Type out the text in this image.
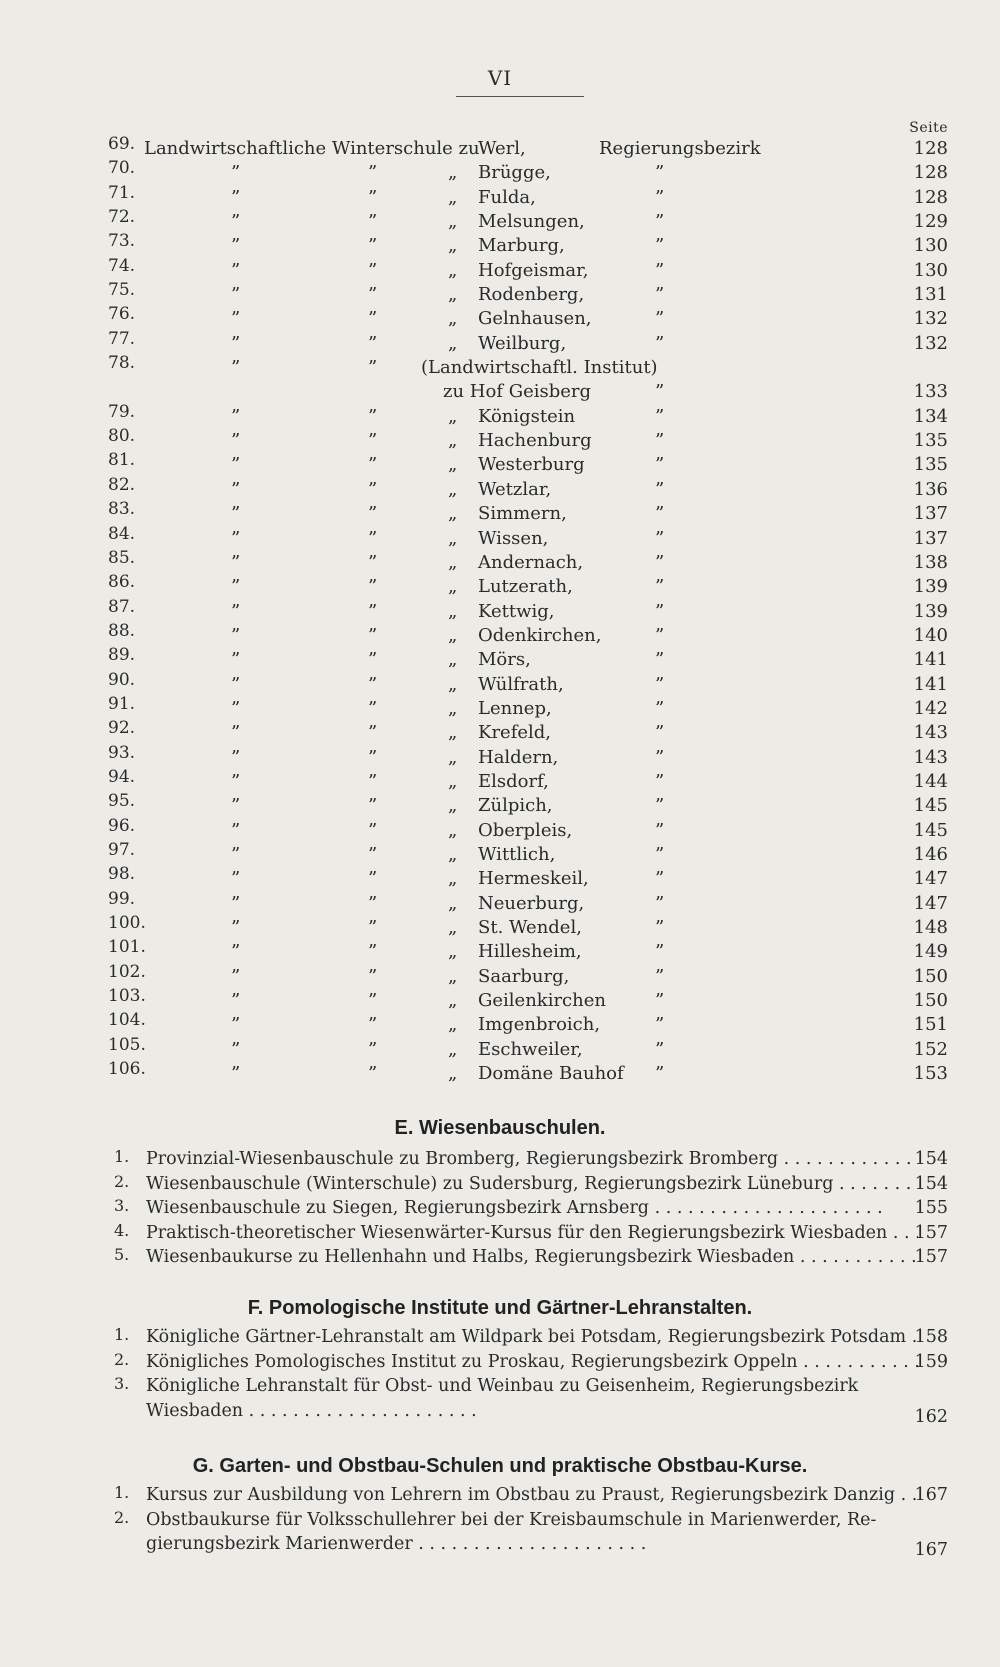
VI
Seite
69. Landwirtschaftliche Winterschule zu
Werl,	Regierungsbezirk	128
70.	”	”	„ Brügge,	”	128
71.	”	”	„ Fulda,	”	128
72.	”	”	„ Melsungen,	”	129
73.	”	”	„ Marburg,	”	130
74.	”	”	„ Hofgeismar,	”	130
75.	”	”	„ Rodenberg,	”	131
76.	”	”	„ Gelnhausen,	”	132
77.	”	”	„ Weilburg,	”	132
78.	”	” (Landwirtschaftl. Institut)
zu Hof Geisberg	”	133
79.	”	”	„ Königstein	”	134
80.	”	”	„ Hachenburg	”	135
81.	”	”	„ Westerburg	”	135
82.	”	”	„ Wetzlar,	”	136
83.	”	”	„ Simmern,	”	137
84.	”	”	„ Wissen,	”	137
85.	”	”	„ Andernach,	”	138
86.	”	”	„ Lutzerath,	”	139
87.	”	”	„ Kettwig,	”	139
88.	”	”	„ Odenkirchen,	”	140
89.	”	”	„ Mörs,	”	141
90.	”	”	„ Wülfrath,	”	141
91.	”	”	„ Lennep,	”	142
92.	”	”	„ Krefeld,	”	143
93.	”	”	„ Haldern,	”	143
94.	”	”	„ Elsdorf,	”	144
95.	”	”	„ Zülpich,	”	145
96.	”	”	„ Oberpleis,	”	145
97.	”	”	„ Wittlich,	”	146
98.	”	”	„ Hermeskeil,	”	147
99.	”	”	„ Neuerburg,	”	147
100.	”	”	„ St. Wendel,	”	148
101.	”	”	„ Hillesheim,	”	149
102.	”	”	„ Saarburg,	”	150
103.	”	”	„ Geilenkirchen	”	150
104.	”	”	„ Imgenbroich,	”	151
105.	”	”	„ Eschweiler,	”	152
106.	”	”	„ Domäne Bauhof ”	153
E. Wiesenbauschulen.
1. Provinzial-Wiesenbauschule zu Bromberg, Regierungsbezirk Bromberg . . .	154
2. Wiesenbauschule (Winterschule) zu Sudersburg, Regierungsbezirk Lüneburg . . .	154
3. Wiesenbauschule zu Siegen, Regierungsbezirk Arnsberg . . .	155
4. Praktisch-theoretischer Wiesenwärter-Kursus für den Regierungsbezirk Wiesbaden . . .	157
5. Wiesenbaukurse zu Hellenhahn und Halbs, Regierungsbezirk Wiesbaden . . .	157
F. Pomologische Institute und Gärtner-Lehranstalten.
1. Königliche Gärtner-Lehranstalt am Wildpark bei Potsdam, Regierungsbezirk Potsdam . . . 158
2. Königliches Pomologisches Institut zu Proskau, Regierungsbezirk Oppeln . . .	159
3. Königliche Lehranstalt für Obst- und Weinbau zu Geisenheim, Regierungsbezirk
Wiesbaden . . .	162
G. Garten- und Obstbau-Schulen und praktische Obstbau-Kurse.
1. Kursus zur Ausbildung von Lehrern im Obstbau zu Praust, Regierungsbezirk Danzig . . .	167
2. Obstbaukurse für Volksschullehrer bei der Kreisbaumschule in Marienwerder, Re-
gierungsbezirk Marienwerder . . .	167
